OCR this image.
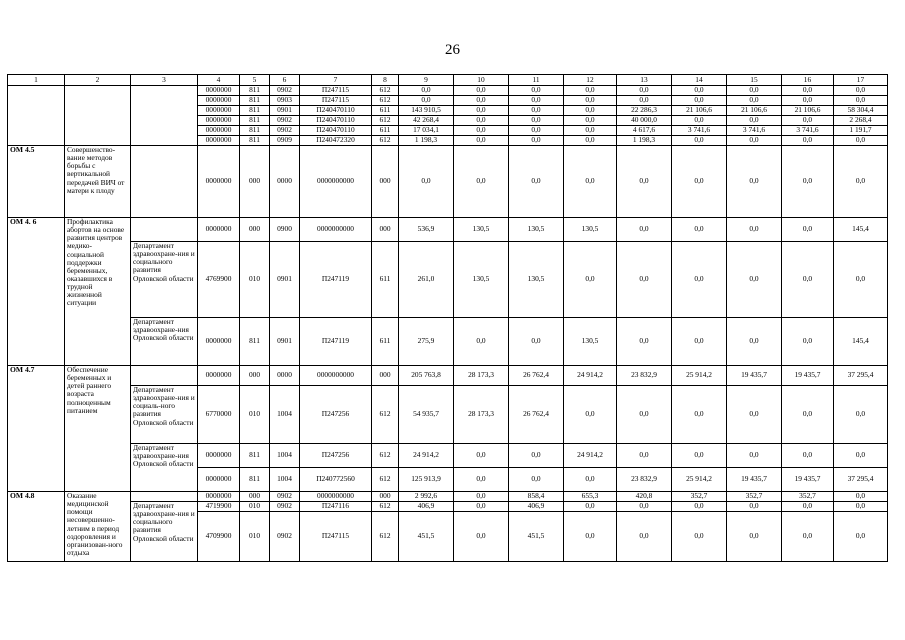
26
1	2	3	4	5	6	7	8	9	10	11	12	13	14	15	16	17
			0000000	811	0902	П247115	612	0,0	0,0	0,0	0,0	0,0	0,0	0,0	0,0	0,0
			0000000	811	0903	П247115	612	0,0	0,0	0,0	0,0	0,0	0,0	0,0	0,0	0,0
			0000000	811	0901	П240470110	611	143 910,5	0,0	0,0	0,0	22 286,3	21 106,6	21 106,6	21 106,6	58 304,4
			0000000	811	0902	П240470110	612	42 268,4	0,0	0,0	0,0	40 000,0	0,0	0,0	0,0	2 268,4
			0000000	811	0902	П240470110	611	17 034,1	0,0	0,0	0,0	4 617,6	3 741,6	3 741,6	3 741,6	1 191,7
			0000000	811	0909	П240472320	612	1 198,3	0,0	0,0	0,0	1 198,3	0,0	0,0	0,0	0,0
ОМ 4.5	Совершенство-вание методов борьбы с вертикальной передачей ВИЧ от матери к плоду		0000000	000	0000	0000000000	000	0,0	0,0	0,0	0,0	0,0	0,0	0,0	0,0	0,0
ОМ 4. 6	Профилактика абортов на основе развития центров медико-социальной поддержки беременных, оказавшихся в трудной жизненной ситуации		0000000	000	0900	0000000000	000	536,9	130,5	130,5	130,5	0,0	0,0	0,0	0,0	145,4
		Департамент здравоохране-ния и социального развития Орловской области	4769900	010	0901	П247119	611	261,0	130,5	130,5	0,0	0,0	0,0	0,0	0,0	0,0
		Департамент здравоохране-ния Орловской области	0000000	811	0901	П247119	611	275,9	0,0	0,0	130,5	0,0	0,0	0,0	0,0	145,4
ОМ 4.7	Обеспечение беременных и детей раннего возраста полноценным питанием		0000000	000	0000	0000000000	000	205 763,8	28 173,3	26 762,4	24 914,2	23 832,9	25 914,2	19 435,7	19 435,7	37 295,4
		Департамент здравоохране-ния и социаль-ного развития Орловской области	6770000	010	1004	П247256	612	54 935,7	28 173,3	26 762,4	0,0	0,0	0,0	0,0	0,0	0,0
		Департамент здравоохране-ния Орловской области	0000000	811	1004	П247256	612	24 914,2	0,0	0,0	24 914,2	0,0	0,0	0,0	0,0	0,0
			0000000	811	1004	П240772560	612	125 913,9	0,0	0,0	0,0	23 832,9	25 914,2	19 435,7	19 435,7	37 295,4
ОМ 4.8	Оказание медицинской помощи несовершенно-летним в период оздоровления и организован-ного отдыха		0000000	000	0902	0000000000	000	2 992,6	0,0	858,4	655,3	420,8	352,7	352,7	352,7	0,0
		Департамент здравоохране-ния и социального развития Орловской области	4719900	010	0902	П247116	612	406,9	0,0	406,9	0,0	0,0	0,0	0,0	0,0	0,0
			4709900	010	0902	П247115	612	451,5	0,0	451,5	0,0	0,0	0,0	0,0	0,0	0,0
